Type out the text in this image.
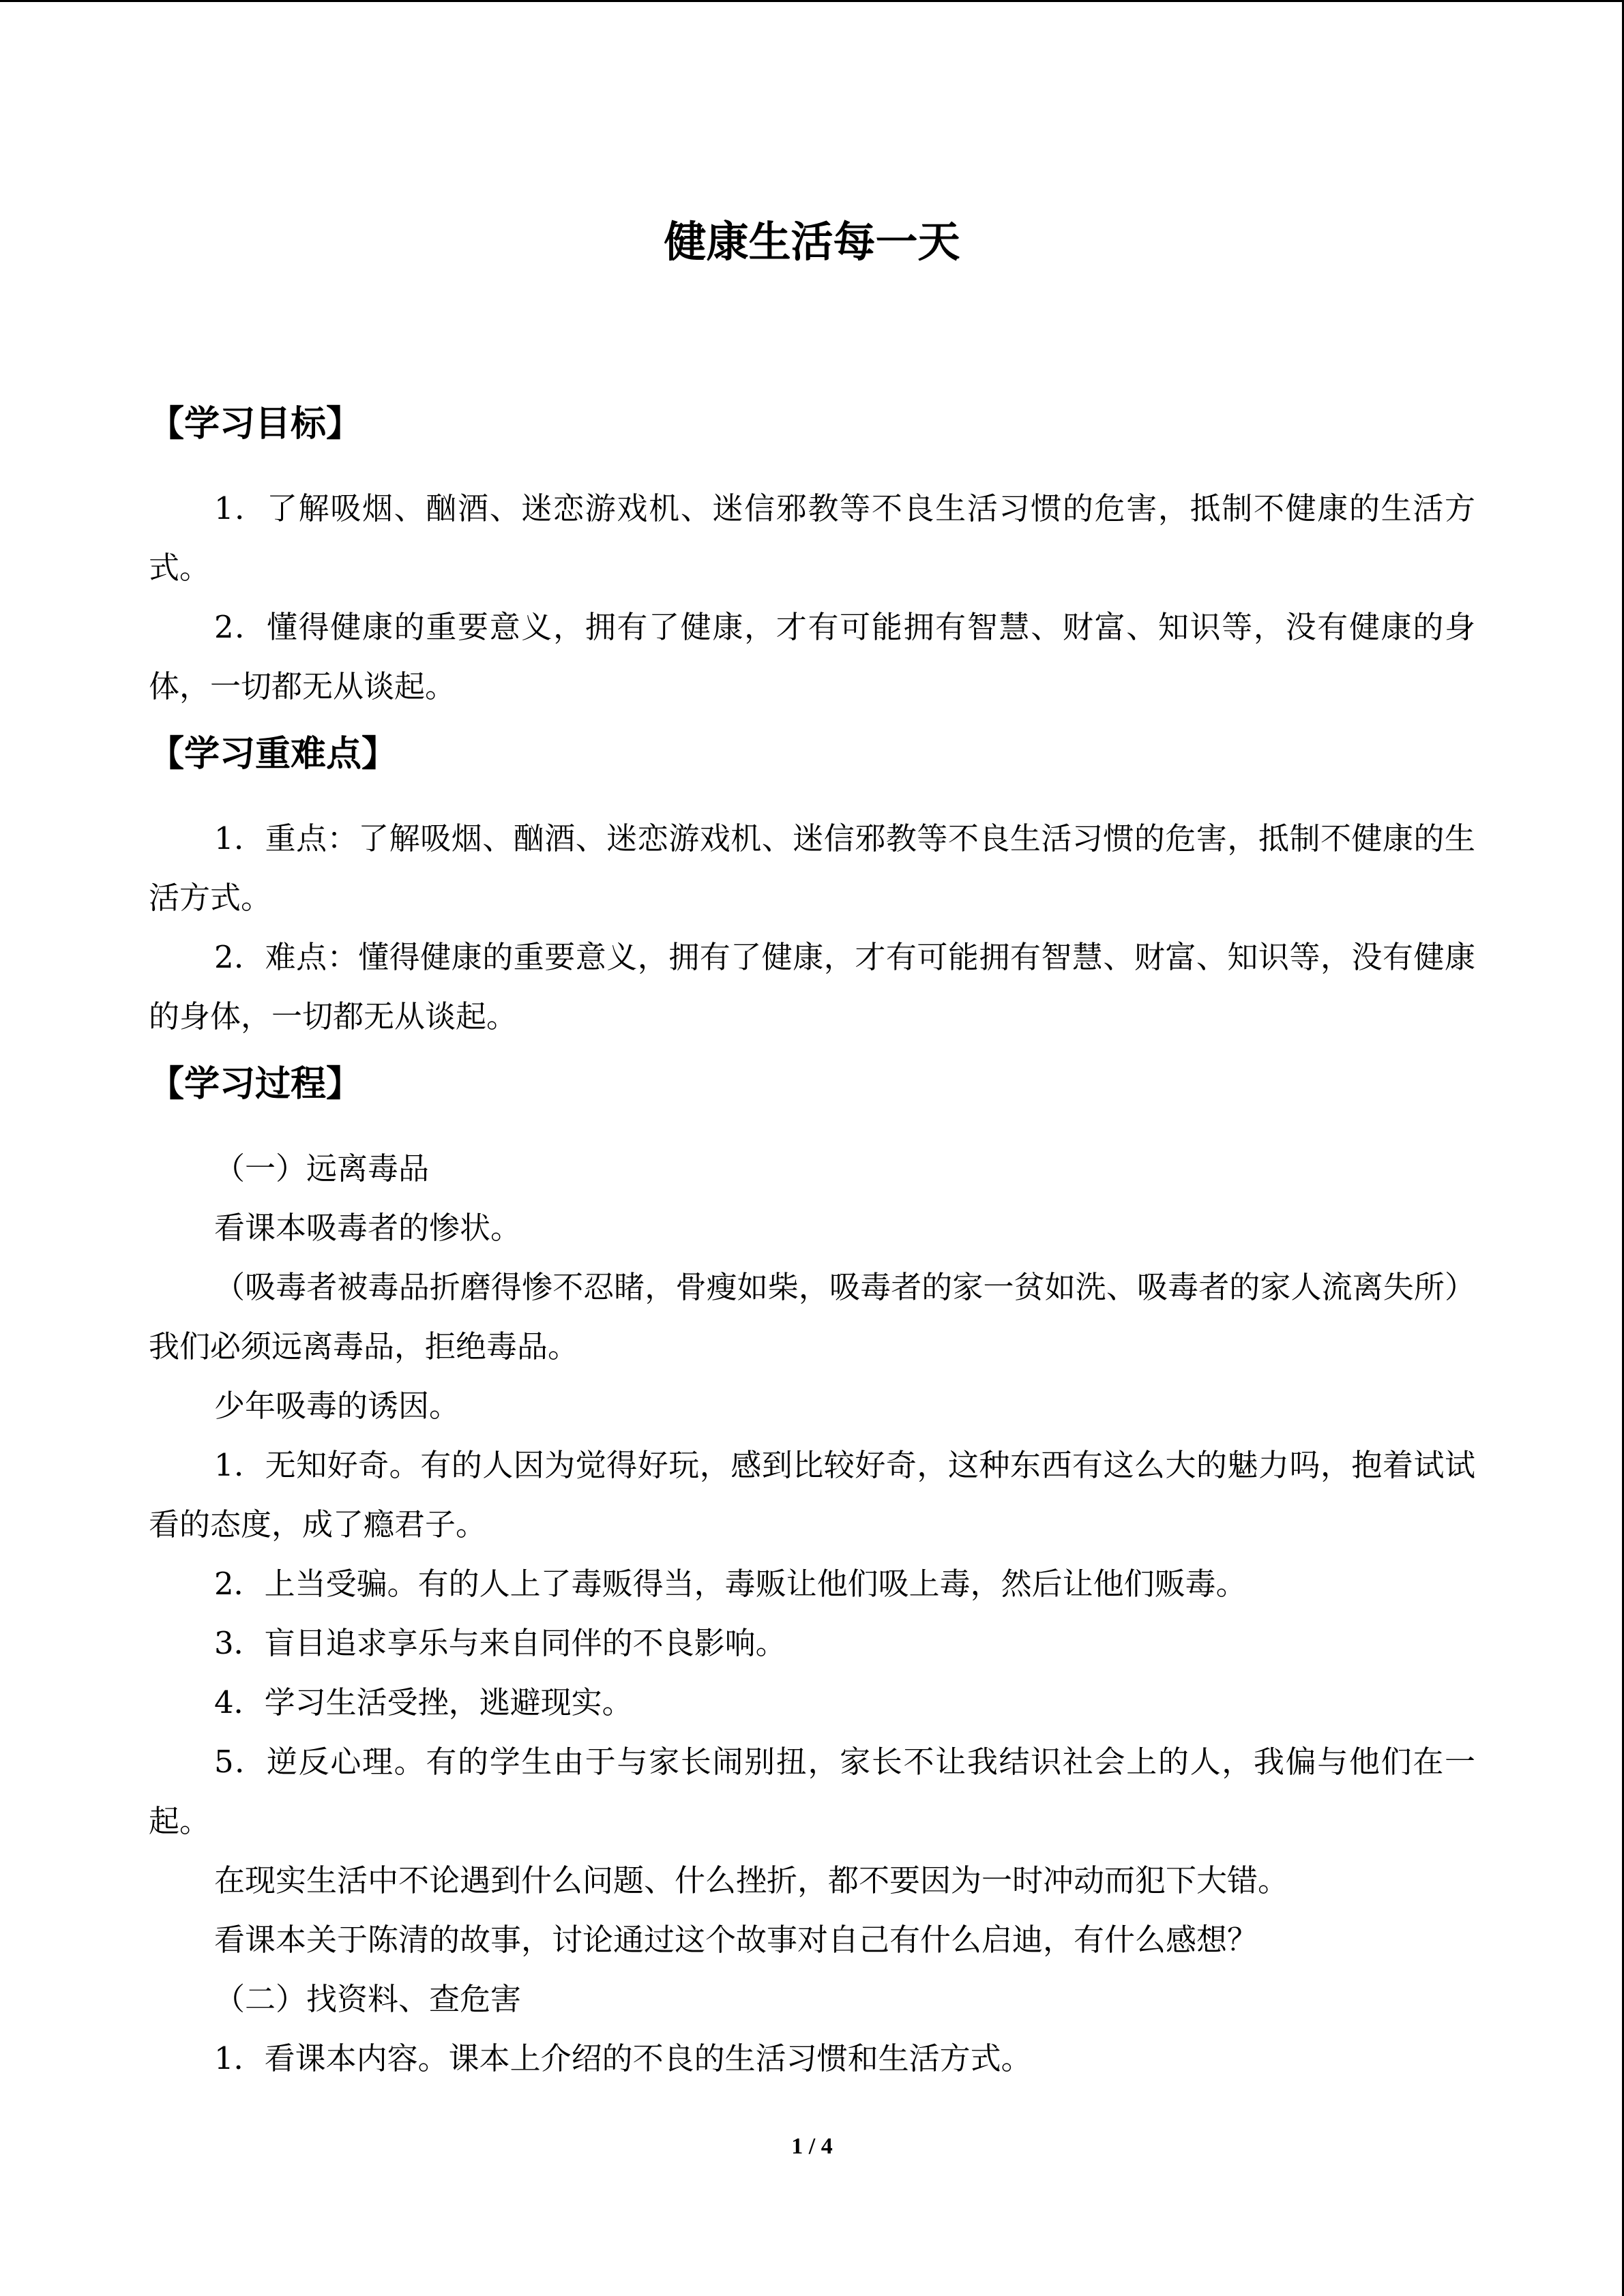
健康生活每一天
【学习目标】
1．了解吸烟、酗酒、迷恋游戏机、迷信邪教等不良生活习惯的危害，抵制不健康的生活方式。
2．懂得健康的重要意义，拥有了健康，才有可能拥有智慧、财富、知识等，没有健康的身体，一切都无从谈起。
【学习重难点】
1．重点：了解吸烟、酗酒、迷恋游戏机、迷信邪教等不良生活习惯的危害，抵制不健康的生活方式。
2．难点：懂得健康的重要意义，拥有了健康，才有可能拥有智慧、财富、知识等，没有健康的身体，一切都无从谈起。
【学习过程】
（一）远离毒品
看课本吸毒者的惨状。
（吸毒者被毒品折磨得惨不忍睹，骨瘦如柴，吸毒者的家一贫如洗、吸毒者的家人流离失所）我们必须远离毒品，拒绝毒品。
少年吸毒的诱因。
1．无知好奇。有的人因为觉得好玩，感到比较好奇，这种东西有这么大的魅力吗，抱着试试看的态度，成了瘾君子。
2．上当受骗。有的人上了毒贩得当，毒贩让他们吸上毒，然后让他们贩毒。
3．盲目追求享乐与来自同伴的不良影响。
4．学习生活受挫，逃避现实。
5．逆反心理。有的学生由于与家长闹别扭，家长不让我结识社会上的人，我偏与他们在一起。
在现实生活中不论遇到什么问题、什么挫折，都不要因为一时冲动而犯下大错。
看课本关于陈清的故事，讨论通过这个故事对自己有什么启迪，有什么感想？
（二）找资料、查危害
1．看课本内容。课本上介绍的不良的生活习惯和生活方式。
1 / 4
